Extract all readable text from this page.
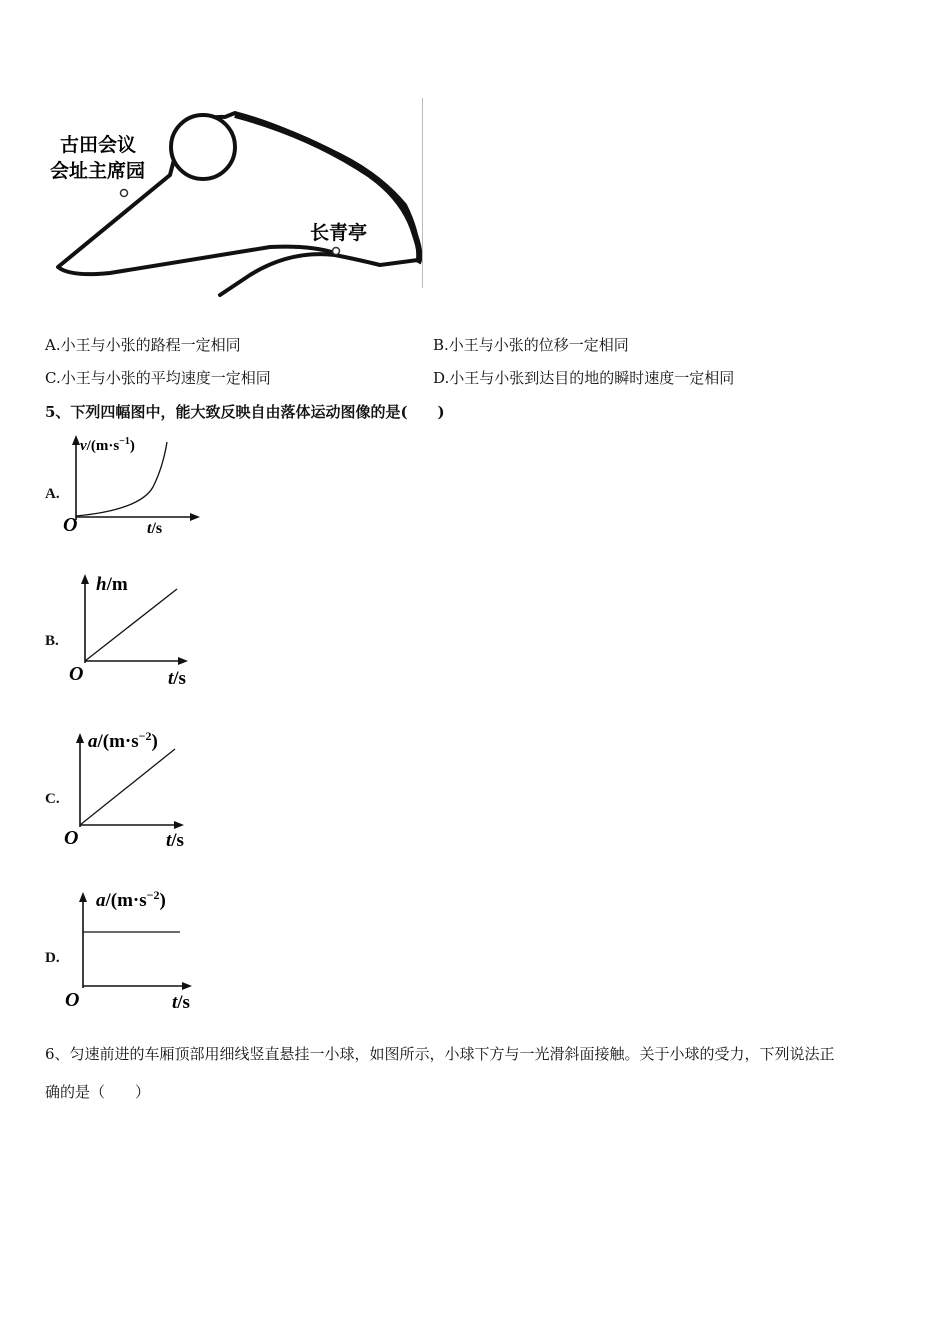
古田会议
会址主席园
长青亭
A.小王与小张的路程一定相同	B.小王与小张的位移一定相同
C.小王与小张的平均速度一定相同	D.小王与小张到达目的地的瞬时速度一定相同
5、下列四幅图中，能大致反映自由落体运动图像的是(　　)
A.
O
$v/(m\cdot s^{-1})$
t/s
B.
O
h/m
t/s
C.
O
$a/(m\cdot s^{-2})$
t/s
D.
O
$a/(m\cdot s^{-2})$
t/s
6、匀速前进的车厢顶部用细线竖直悬挂一小球，如图所示，小球下方与一光滑斜面接触。关于小球的受力，下列说法正
确的是（　　）
